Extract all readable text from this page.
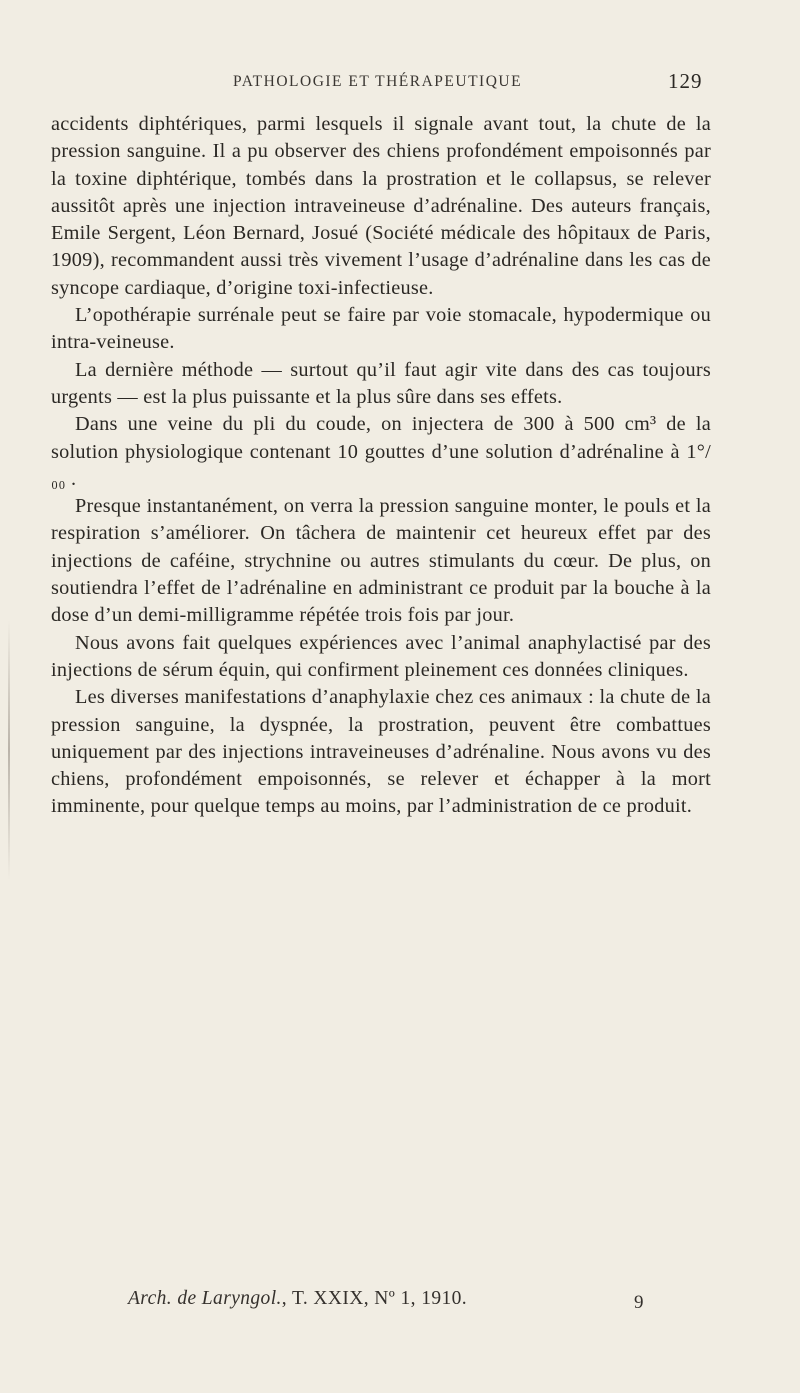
PATHOLOGIE ET THÉRAPEUTIQUE	129

accidents diphtériques, parmi lesquels il signale avant tout, la chute de la pression sanguine. Il a pu observer des chiens profondément empoisonnés par la toxine diphtérique, tombés dans la prostration et le collapsus, se relever aussitôt après une injection intraveineuse d’adrénaline. Des auteurs français, Emile Sergent, Léon Bernard, Josué (Société médicale des hôpitaux de Paris, 1909), recommandent aussi très vivement l’usage d’adrénaline dans les cas de syncope cardiaque, d’origine toxi-infectieuse.

L’opothérapie surrénale peut se faire par voie stomacale, hypodermique ou intra-veineuse.

La dernière méthode — surtout qu’il faut agir vite dans des cas toujours urgents — est la plus puissante et la plus sûre dans ses effets.

Dans une veine du pli du coude, on injectera de 300 à 500 cm³ de la solution physiologique contenant 10 gouttes d’une solution d’adrénaline à 1°/₀₀ .

Presque instantanément, on verra la pression sanguine monter, le pouls et la respiration s’améliorer. On tâchera de maintenir cet heureux effet par des injections de caféine, strychnine ou autres stimulants du cœur. De plus, on soutiendra l’effet de l’adrénaline en administrant ce produit par la bouche à la dose d’un demi-milligramme répétée trois fois par jour.

Nous avons fait quelques expériences avec l’animal anaphylactisé par des injections de sérum équin, qui confirment pleinement ces données cliniques.

Les diverses manifestations d’anaphylaxie chez ces animaux : la chute de la pression sanguine, la dyspnée, la prostration, peuvent être combattues uniquement par des injections intraveineuses d’adrénaline. Nous avons vu des chiens, profondément empoisonnés, se relever et échapper à la mort imminente, pour quelque temps au moins, par l’administration de ce produit.

Arch. de Laryngol., T. XXIX, Nº 1, 1910.	9
